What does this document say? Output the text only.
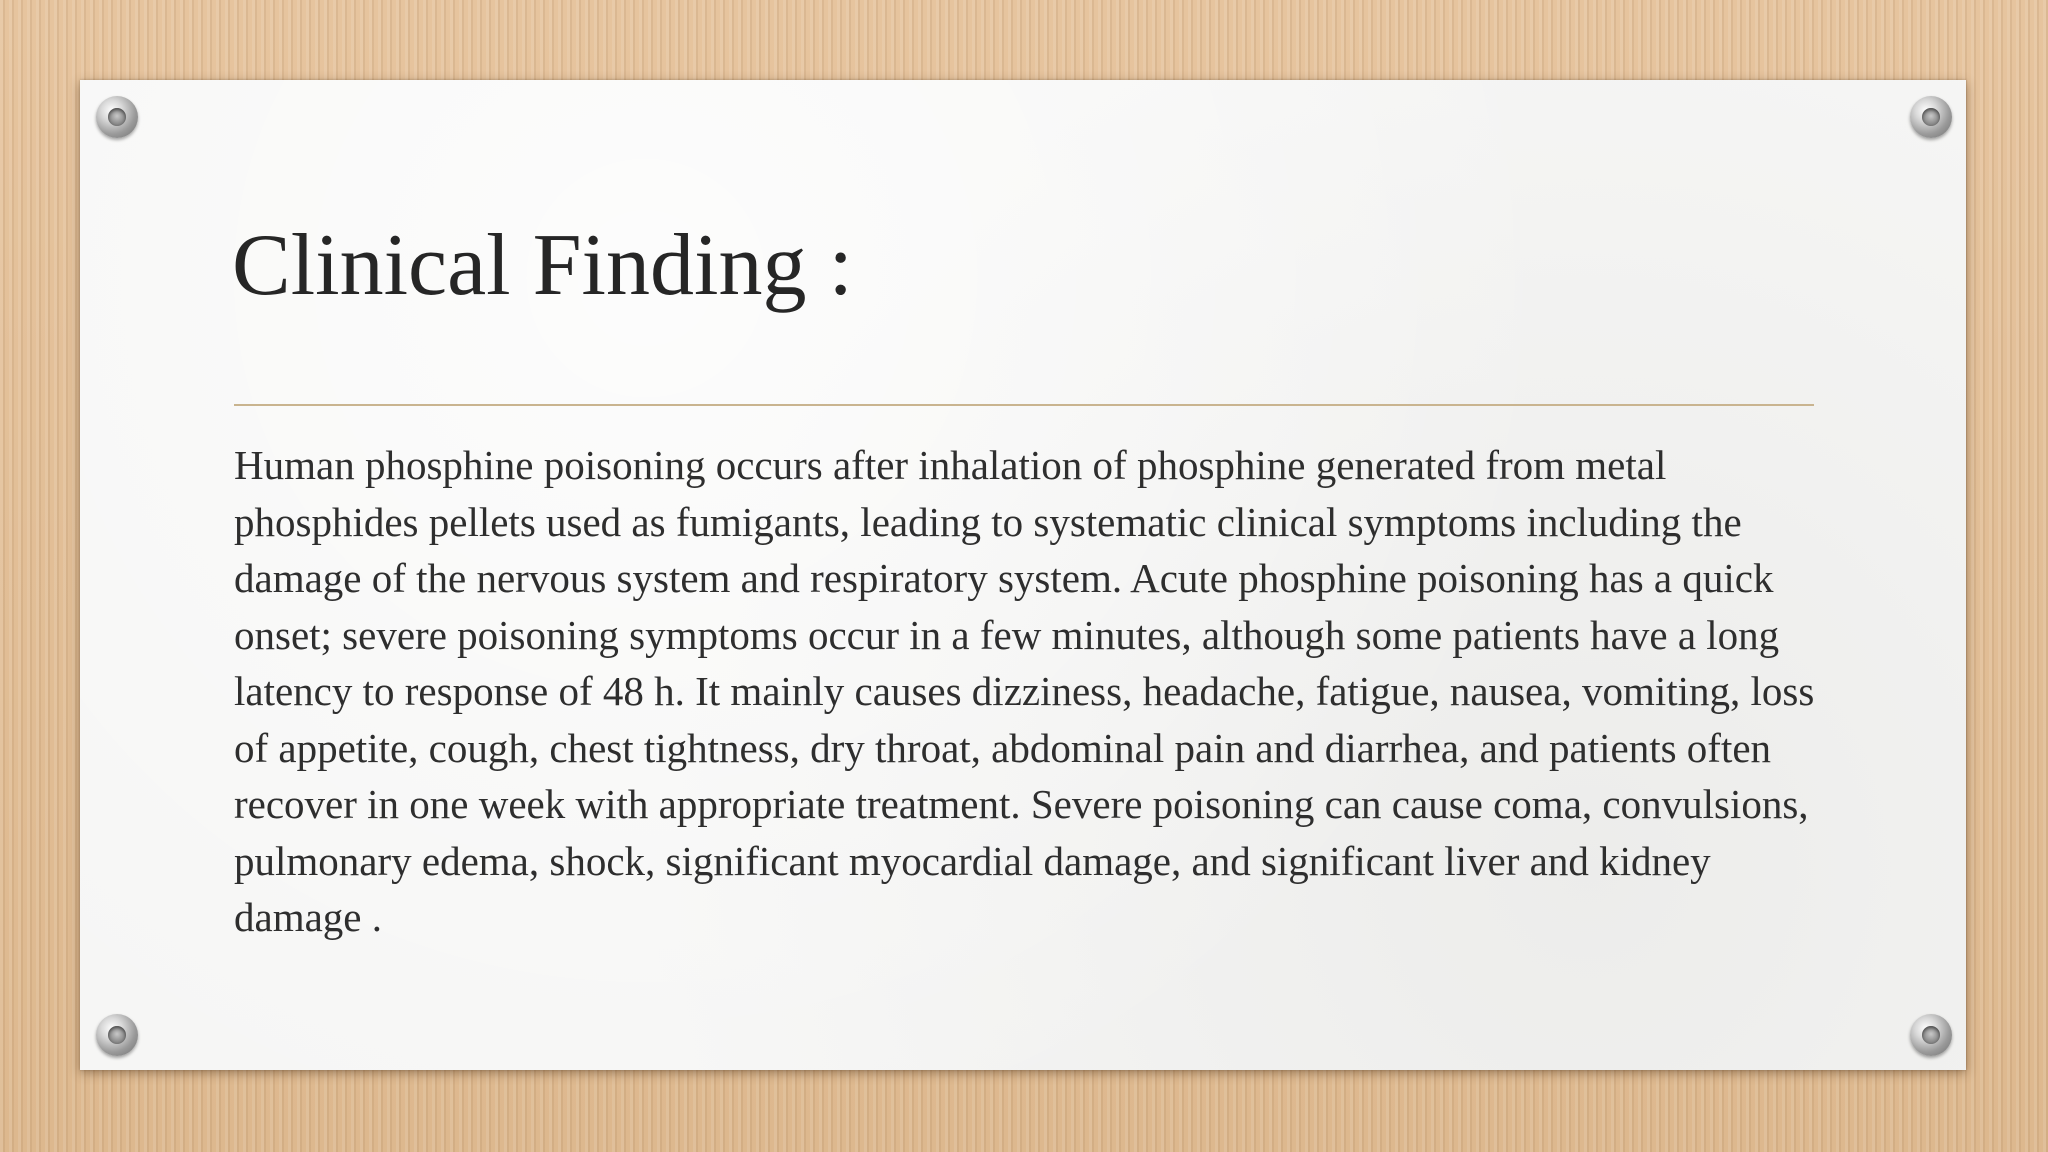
Clinical Finding :

Human phosphine poisoning occurs after inhalation of phosphine generated from metal phosphides pellets used as fumigants, leading to systematic clinical symptoms including the damage of the nervous system and respiratory system. Acute phosphine poisoning has a quick onset; severe poisoning symptoms occur in a few minutes, although some patients have a long latency to response of 48 h. It mainly causes dizziness, headache, fatigue, nausea, vomiting, loss of appetite, cough, chest tightness, dry throat, abdominal pain and diarrhea, and patients often recover in one week with appropriate treatment. Severe poisoning can cause coma, convulsions, pulmonary edema, shock, significant myocardial damage, and significant liver and kidney damage .
